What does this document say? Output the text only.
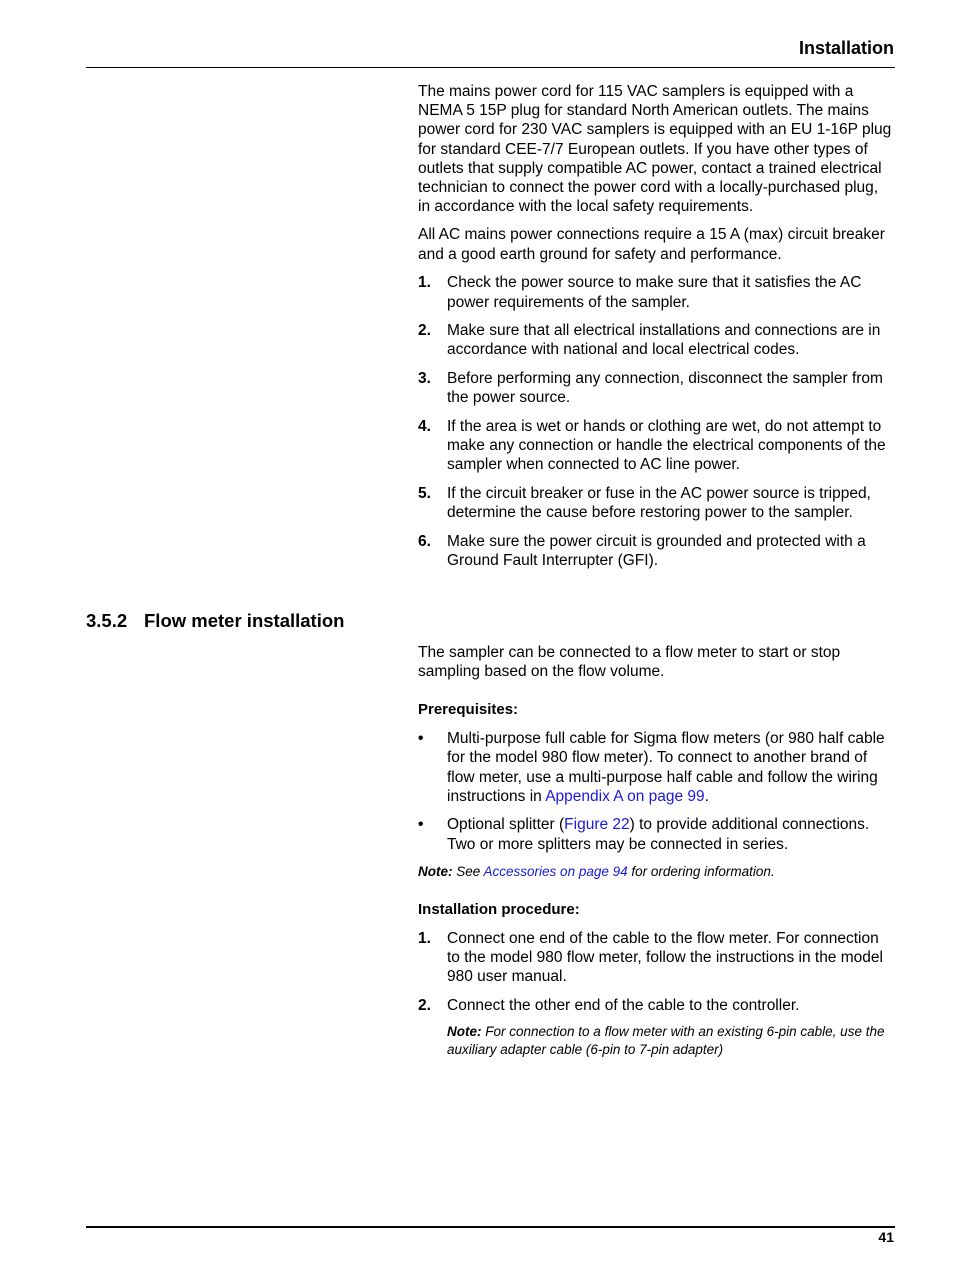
Installation

The mains power cord for 115 VAC samplers is equipped with a NEMA 5 15P plug for standard North American outlets. The mains power cord for 230 VAC samplers is equipped with an EU 1-16P plug for standard CEE-7/7 European outlets. If you have other types of outlets that supply compatible AC power, contact a trained electrical technician to connect the power cord with a locally-purchased plug, in accordance with the local safety requirements.

All AC mains power connections require a 15 A (max) circuit breaker and a good earth ground for safety and performance.

1. Check the power source to make sure that it satisfies the AC power requirements of the sampler.
2. Make sure that all electrical installations and connections are in accordance with national and local electrical codes.
3. Before performing any connection, disconnect the sampler from the power source.
4. If the area is wet or hands or clothing are wet, do not attempt to make any connection or handle the electrical components of the sampler when connected to AC line power.
5. If the circuit breaker or fuse in the AC power source is tripped, determine the cause before restoring power to the sampler.
6. Make sure the power circuit is grounded and protected with a Ground Fault Interrupter (GFI).
3.5.2 Flow meter installation

The sampler can be connected to a flow meter to start or stop sampling based on the flow volume.

Prerequisites:

• Multi-purpose full cable for Sigma flow meters (or 980 half cable for the model 980 flow meter). To connect to another brand of flow meter, use a multi-purpose half cable and follow the wiring instructions in Appendix A on page 99.
• Optional splitter (Figure 22) to provide additional connections. Two or more splitters may be connected in series.

Note: See Accessories on page 94 for ordering information.

Installation procedure:

1. Connect one end of the cable to the flow meter. For connection to the model 980 flow meter, follow the instructions in the model 980 user manual.
2. Connect the other end of the cable to the controller.

Note: For connection to a flow meter with an existing 6-pin cable, use the auxiliary adapter cable (6-pin to 7-pin adapter)

41
